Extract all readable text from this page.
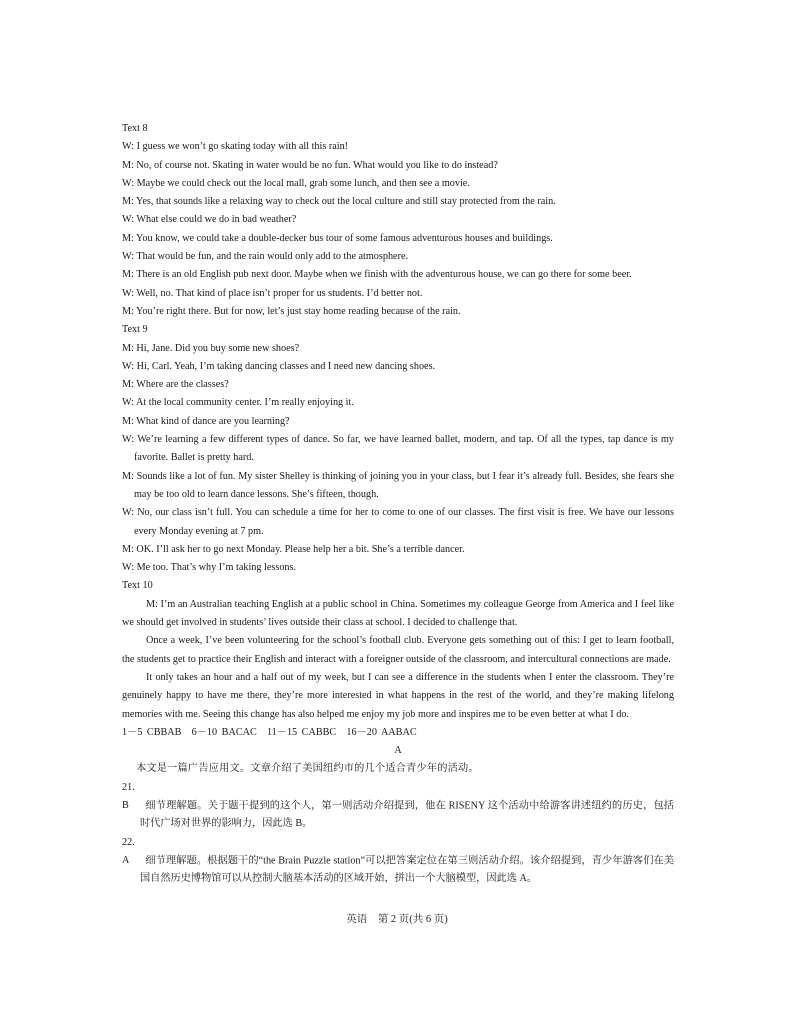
Text 8

W: I guess we won’t go skating today with all this rain!

M: No, of course not. Skating in water would be no fun. What would you like to do instead?

W: Maybe we could check out the local mall, grab some lunch, and then see a movie.

M: Yes, that sounds like a relaxing way to check out the local culture and still stay protected from the rain.

W: What else could we do in bad weather?

M: You know, we could take a double-decker bus tour of some famous adventurous houses and buildings.

W: That would be fun, and the rain would only add to the atmosphere.

M: There is an old English pub next door. Maybe when we finish with the adventurous house, we can go there for some beer.

W: Well, no. That kind of place isn’t proper for us students. I’d better not.

M: You’re right there. But for now, let’s just stay home reading because of the rain.

Text 9

M: Hi, Jane. Did you buy some new shoes?

W: Hi, Carl. Yeah, I’m taking dancing classes and I need new dancing shoes.

M: Where are the classes?

W: At the local community center. I’m really enjoying it.

M: What kind of dance are you learning?

W: We’re learning a few different types of dance. So far, we have learned ballet, modern, and tap. Of all the types, tap dance is my favorite. Ballet is pretty hard.

M: Sounds like a lot of fun. My sister Shelley is thinking of joining you in your class, but I fear it’s already full. Besides, she fears she may be too old to learn dance lessons. She’s fifteen, though.

W: No, our class isn’t full. You can schedule a time for her to come to one of our classes. The first visit is free. We have our lessons every Monday evening at 7 pm.

M: OK. I’ll ask her to go next Monday. Please help her a bit. She’s a terrible dancer.

W: Me too. That’s why I’m taking lessons.

Text 10

M: I’m an Australian teaching English at a public school in China. Sometimes my colleague George from America and I feel like we should get involved in students’ lives outside their class at school. I decided to challenge that.

Once a week, I’ve been volunteering for the school’s football club. Everyone gets something out of this: I get to learn football, the students get to practice their English and interact with a foreigner outside of the classroom, and intercultural connections are made.

It only takes an hour and a half out of my week, but I can see a difference in the students when I enter the classroom. They’re genuinely happy to have me there, they’re more interested in what happens in the rest of the world, and they’re making lifelong memories with me. Seeing this change has also helped me enjoy my job more and inspires me to be even better at what I do.

1－5 CBBAB　6－10 BACAC　11－15 CABBC　16－20 AABAC

A

本文是一篇广告应用文。文章介绍了美国纽约市的几个适合青少年的活动。

21. B 细节理解题。关于题干提到的这个人，第一则活动介绍提到，他在 RISENY 这个活动中给游客讲述纽约的历史，包括时代广场对世界的影响力，因此选 B。

22. A 细节理解题。根据题干的“the Brain Puzzle station”可以把答案定位在第三则活动介绍。该介绍提到，青少年游客们在美国自然历史博物馆可以从控制大脑基本活动的区域开始，拼出一个大脑模型，因此选 A。

英语　第 2 页(共 6 页)
